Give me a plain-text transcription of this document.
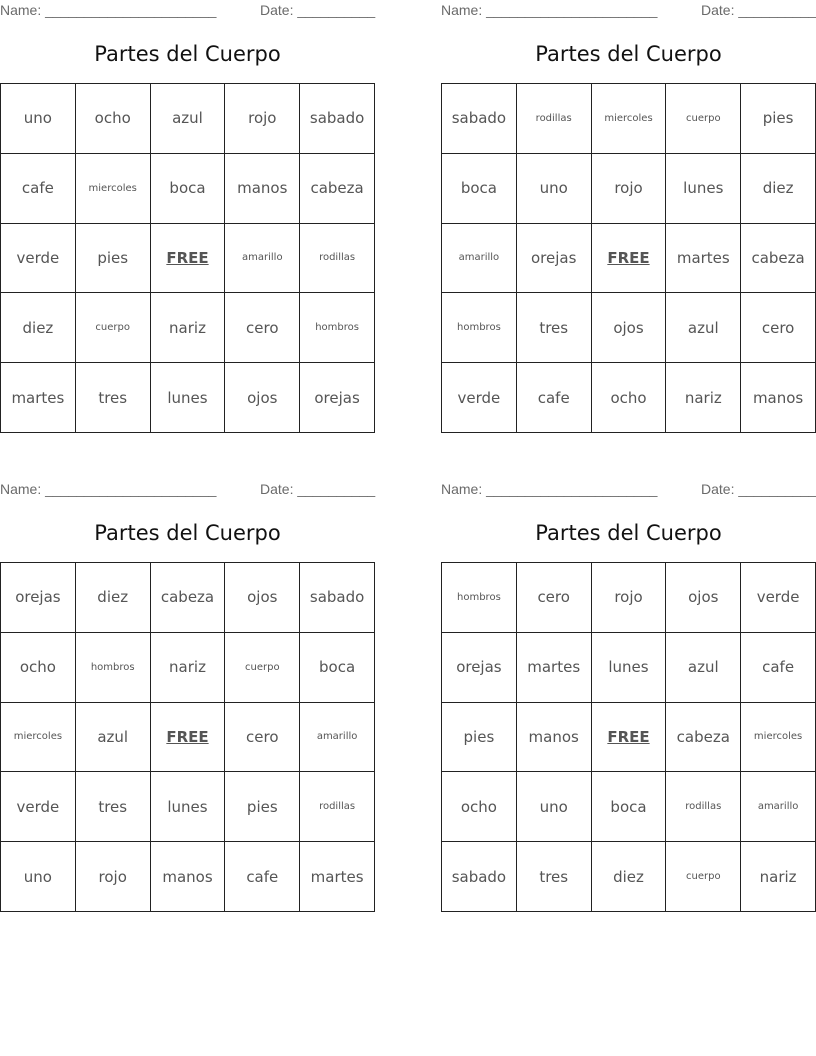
Name: ______________________	Date: __________
Partes del Cuerpo
uno	ocho	azul	rojo	sabado
cafe	miercoles	boca	manos	cabeza
verde	pies	FREE	amarillo	rodillas
diez	cuerpo	nariz	cero	hombros
martes	tres	lunes	ojos	orejas
Name: ______________________	Date: __________
Partes del Cuerpo
sabado	rodillas	miercoles	cuerpo	pies
boca	uno	rojo	lunes	diez
amarillo	orejas	FREE	martes	cabeza
hombros	tres	ojos	azul	cero
verde	cafe	ocho	nariz	manos
Name: ______________________	Date: __________
Partes del Cuerpo
orejas	diez	cabeza	ojos	sabado
ocho	hombros	nariz	cuerpo	boca
miercoles	azul	FREE	cero	amarillo
verde	tres	lunes	pies	rodillas
uno	rojo	manos	cafe	martes
Name: ______________________	Date: __________
Partes del Cuerpo
hombros	cero	rojo	ojos	verde
orejas	martes	lunes	azul	cafe
pies	manos	FREE	cabeza	miercoles
ocho	uno	boca	rodillas	amarillo
sabado	tres	diez	cuerpo	nariz
